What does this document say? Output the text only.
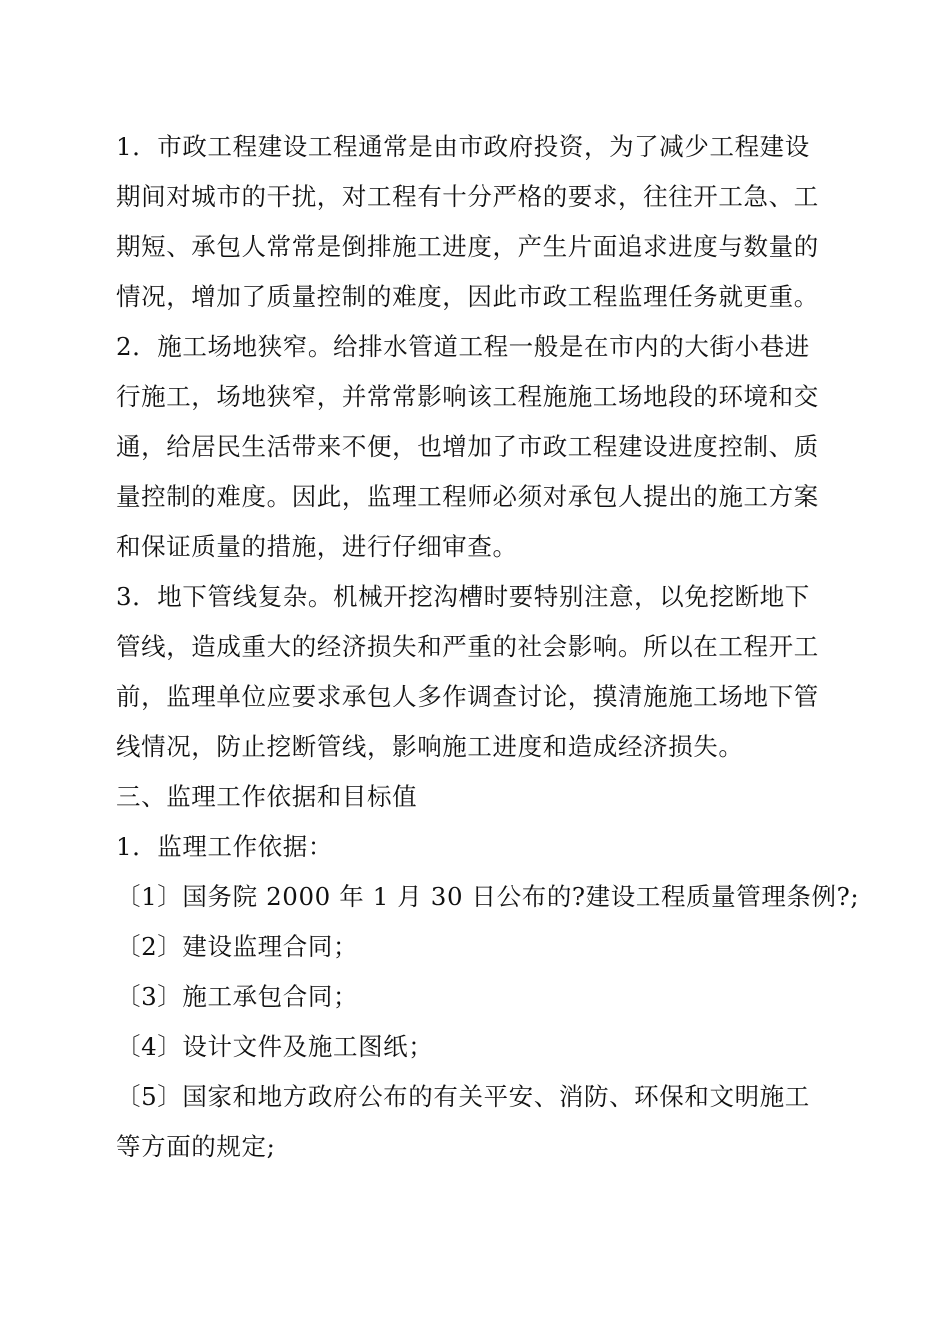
1．市政工程建设工程通常是由市政府投资，为了减少工程建设
期间对城市的干扰，对工程有十分严格的要求，往往开工急、工
期短、承包人常常是倒排施工进度，产生片面追求进度与数量的
情况，增加了质量控制的难度，因此市政工程监理任务就更重。
2．施工场地狭窄。给排水管道工程一般是在市内的大街小巷进
行施工，场地狭窄，并常常影响该工程施施工场地段的环境和交
通，给居民生活带来不便，也增加了市政工程建设进度控制、质
量控制的难度。因此，监理工程师必须对承包人提出的施工方案
和保证质量的措施，进行仔细审查。
3．地下管线复杂。机械开挖沟槽时要特别注意，以免挖断地下
管线，造成重大的经济损失和严重的社会影响。所以在工程开工
前，监理单位应要求承包人多作调查讨论，摸清施施工场地下管
线情况，防止挖断管线，影响施工进度和造成经济损失。
三、监理工作依据和目标值
1．监理工作依据：
〔1〕国务院 2000 年 1 月 30 日公布的?建设工程质量管理条例?;
〔2〕建设监理合同；
〔3〕施工承包合同；
〔4〕设计文件及施工图纸；
〔5〕国家和地方政府公布的有关平安、消防、环保和文明施工
等方面的规定;
